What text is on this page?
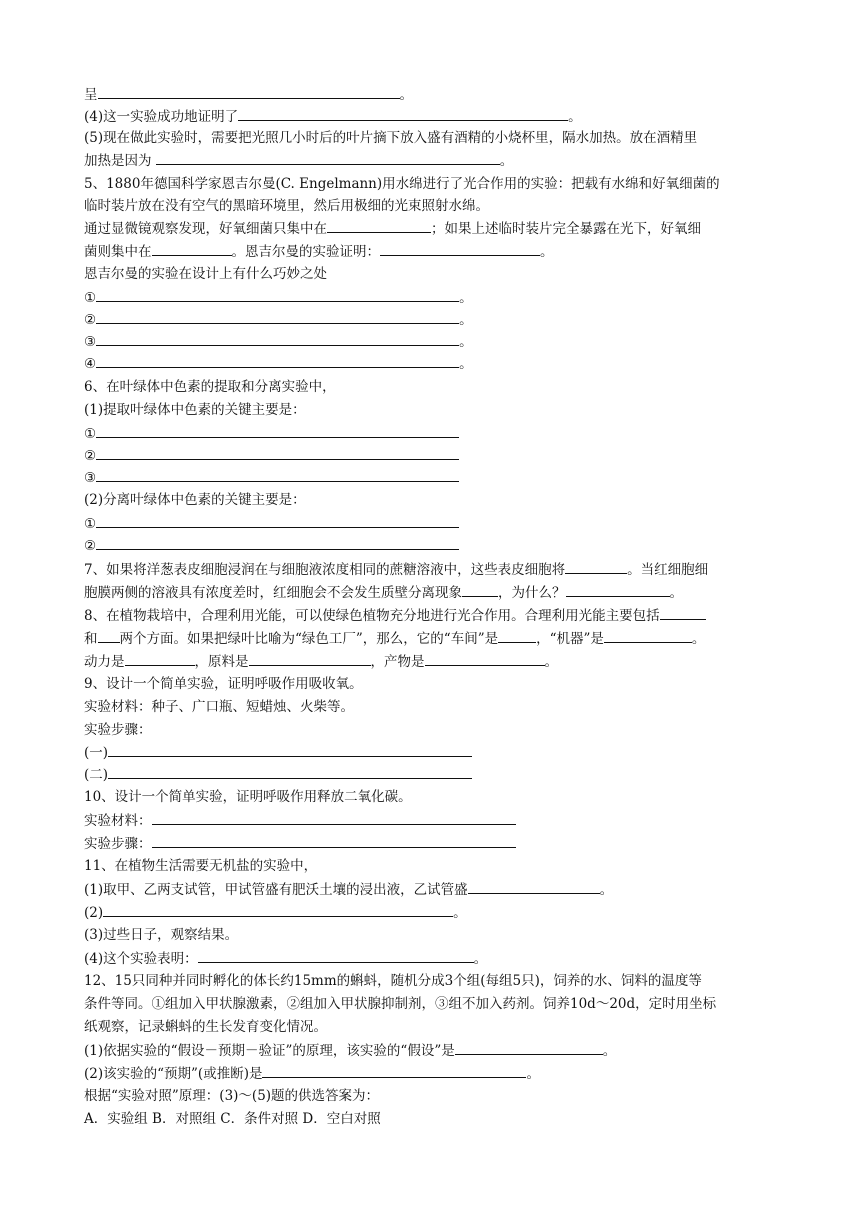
呈	。
(4)这一实验成功地证明了	。
(5)现在做此实验时，需要把光照几小时后的叶片摘下放入盛有酒精的小烧杯里，隔水加热。放在酒精里
加热是因为	。
5、1880年德国科学家恩吉尔曼(C. Engelmann)用水绵进行了光合作用的实验：把载有水绵和好氧细菌的
临时装片放在没有空气的黑暗环境里，然后用极细的光束照射水绵。
通过显微镜观察发现，好氧细菌只集中在	；如果上述临时装片完全暴露在光下，好氧细
菌则集中在	。恩吉尔曼的实验证明：	。
恩吉尔曼的实验在设计上有什么巧妙之处
①	。
②	。
③	。
④	。
6、在叶绿体中色素的提取和分离实验中，
(1)提取叶绿体中色素的关键主要是：
①
②
③
(2)分离叶绿体中色素的关键主要是：
①
②
7、如果将洋葱表皮细胞浸润在与细胞液浓度相同的蔗糖溶液中，这些表皮细胞将	。当红细胞细
胞膜两侧的溶液具有浓度差时，红细胞会不会发生质壁分离现象	，为什么？	。
8、在植物栽培中，合理利用光能，可以使绿色植物充分地进行光合作用。合理利用光能主要包括
和 两个方面。如果把绿叶比喻为“绿色工厂”，那么，它的“车间”是	，“机器”是	。
动力是	，原料是	，产物是	。
9、设计一个简单实验，证明呼吸作用吸收氧。
实验材料：种子、广口瓶、短蜡烛、火柴等。
实验步骤：
(一)
(二)
10、设计一个简单实验，证明呼吸作用释放二氧化碳。
实验材料：
实验步骤：
11、在植物生活需要无机盐的实验中，
(1)取甲、乙两支试管，甲试管盛有肥沃土壤的浸出液，乙试管盛	。
(2)	。
(3)过些日子，观察结果。
(4)这个实验表明：	。
12、15只同种并同时孵化的体长约15mm的蝌蚪，随机分成3个组(每组5只)，饲养的水、饲料的温度等
条件等同。①组加入甲状腺激素，②组加入甲状腺抑制剂，③组不加入药剂。饲养10d～20d，定时用坐标
纸观察，记录蝌蚪的生长发育变化情况。
(1)依据实验的“假设－预期－验证”的原理，该实验的“假设”是	。
(2)该实验的“预期”(或推断)是	。
根据“实验对照”原理：(3)～(5)题的供选答案为：
A．实验组 B．对照组 C．条件对照 D．空白对照
